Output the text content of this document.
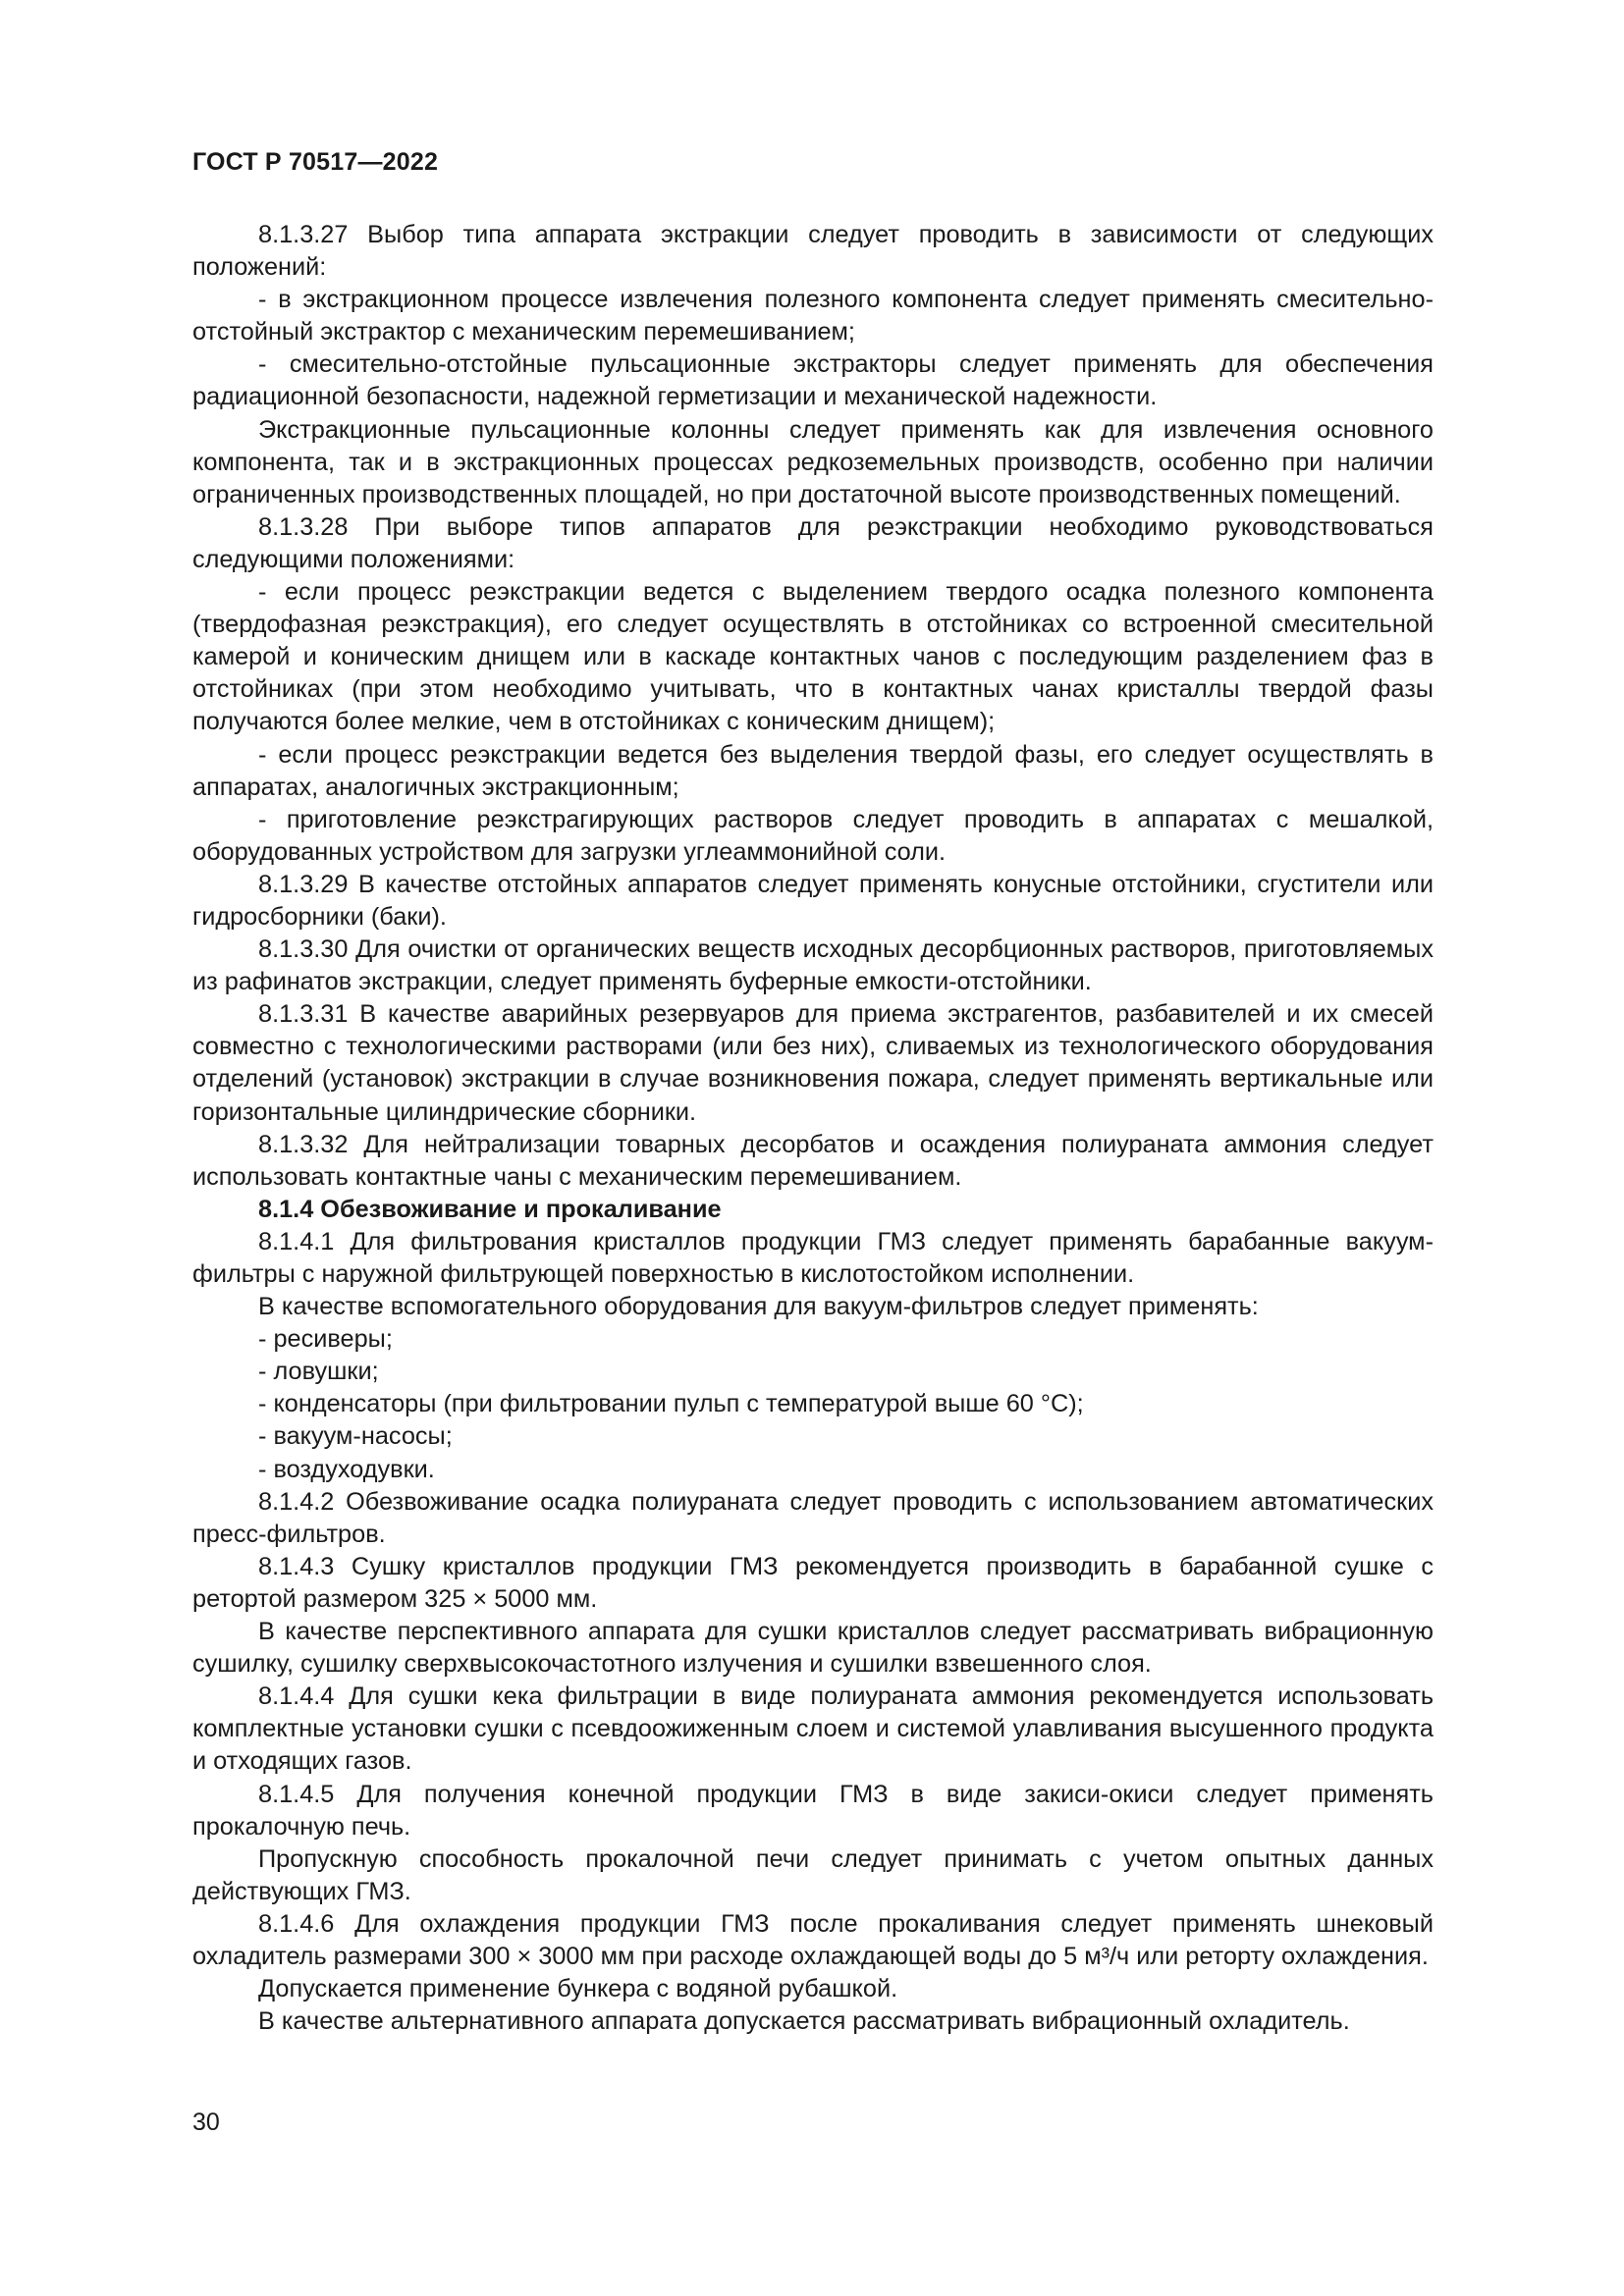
ГОСТ Р 70517—2022

8.1.3.27 Выбор типа аппарата экстракции следует проводить в зависимости от следующих положений:

- в экстракционном процессе извлечения полезного компонента следует применять смесительно-отстойный экстрактор с механическим перемешиванием;

- смесительно-отстойные пульсационные экстракторы следует применять для обеспечения радиационной безопасности, надежной герметизации и механической надежности.

Экстракционные пульсационные колонны следует применять как для извлечения основного компонента, так и в экстракционных процессах редкоземельных производств, особенно при наличии ограниченных производственных площадей, но при достаточной высоте производственных помещений.

8.1.3.28 При выборе типов аппаратов для реэкстракции необходимо руководствоваться следующими положениями:

- если процесс реэкстракции ведется с выделением твердого осадка полезного компонента (твердофазная реэкстракция), его следует осуществлять в отстойниках со встроенной смесительной камерой и коническим днищем или в каскаде контактных чанов с последующим разделением фаз в отстойниках (при этом необходимо учитывать, что в контактных чанах кристаллы твердой фазы получаются более мелкие, чем в отстойниках с коническим днищем);

- если процесс реэкстракции ведется без выделения твердой фазы, его следует осуществлять в аппаратах, аналогичных экстракционным;

- приготовление реэкстрагирующих растворов следует проводить в аппаратах с мешалкой, оборудованных устройством для загрузки углеаммонийной соли.

8.1.3.29 В качестве отстойных аппаратов следует применять конусные отстойники, сгустители или гидросборники (баки).

8.1.3.30 Для очистки от органических веществ исходных десорбционных растворов, приготовляемых из рафинатов экстракции, следует применять буферные емкости-отстойники.

8.1.3.31 В качестве аварийных резервуаров для приема экстрагентов, разбавителей и их смесей совместно с технологическими растворами (или без них), сливаемых из технологического оборудования отделений (установок) экстракции в случае возникновения пожара, следует применять вертикальные или горизонтальные цилиндрические сборники.

8.1.3.32 Для нейтрализации товарных десорбатов и осаждения полиураната аммония следует использовать контактные чаны с механическим перемешиванием.

8.1.4 Обезвоживание и прокаливание

8.1.4.1 Для фильтрования кристаллов продукции ГМЗ следует применять барабанные вакуум-фильтры с наружной фильтрующей поверхностью в кислотостойком исполнении.

В качестве вспомогательного оборудования для вакуум-фильтров следует применять:

- ресиверы;

- ловушки;

- конденсаторы (при фильтровании пульп с температурой выше 60 °С);

- вакуум-насосы;

- воздуходувки.

8.1.4.2 Обезвоживание осадка полиураната следует проводить с использованием автоматических пресс-фильтров.

8.1.4.3 Сушку кристаллов продукции ГМЗ рекомендуется производить в барабанной сушке с ретортой размером 325 × 5000 мм.

В качестве перспективного аппарата для сушки кристаллов следует рассматривать вибрационную сушилку, сушилку сверхвысокочастотного излучения и сушилки взвешенного слоя.

8.1.4.4 Для сушки кека фильтрации в виде полиураната аммония рекомендуется использовать комплектные установки сушки с псевдоожиженным слоем и системой улавливания высушенного продукта и отходящих газов.

8.1.4.5 Для получения конечной продукции ГМЗ в виде закиси-окиси следует применять прокалочную печь.

Пропускную способность прокалочной печи следует принимать с учетом опытных данных действующих ГМЗ.

8.1.4.6 Для охлаждения продукции ГМЗ после прокаливания следует применять шнековый охладитель размерами 300 × 3000 мм при расходе охлаждающей воды до 5 м³/ч или реторту охлаждения.

Допускается применение бункера с водяной рубашкой.

В качестве альтернативного аппарата допускается рассматривать вибрационный охладитель.

30
